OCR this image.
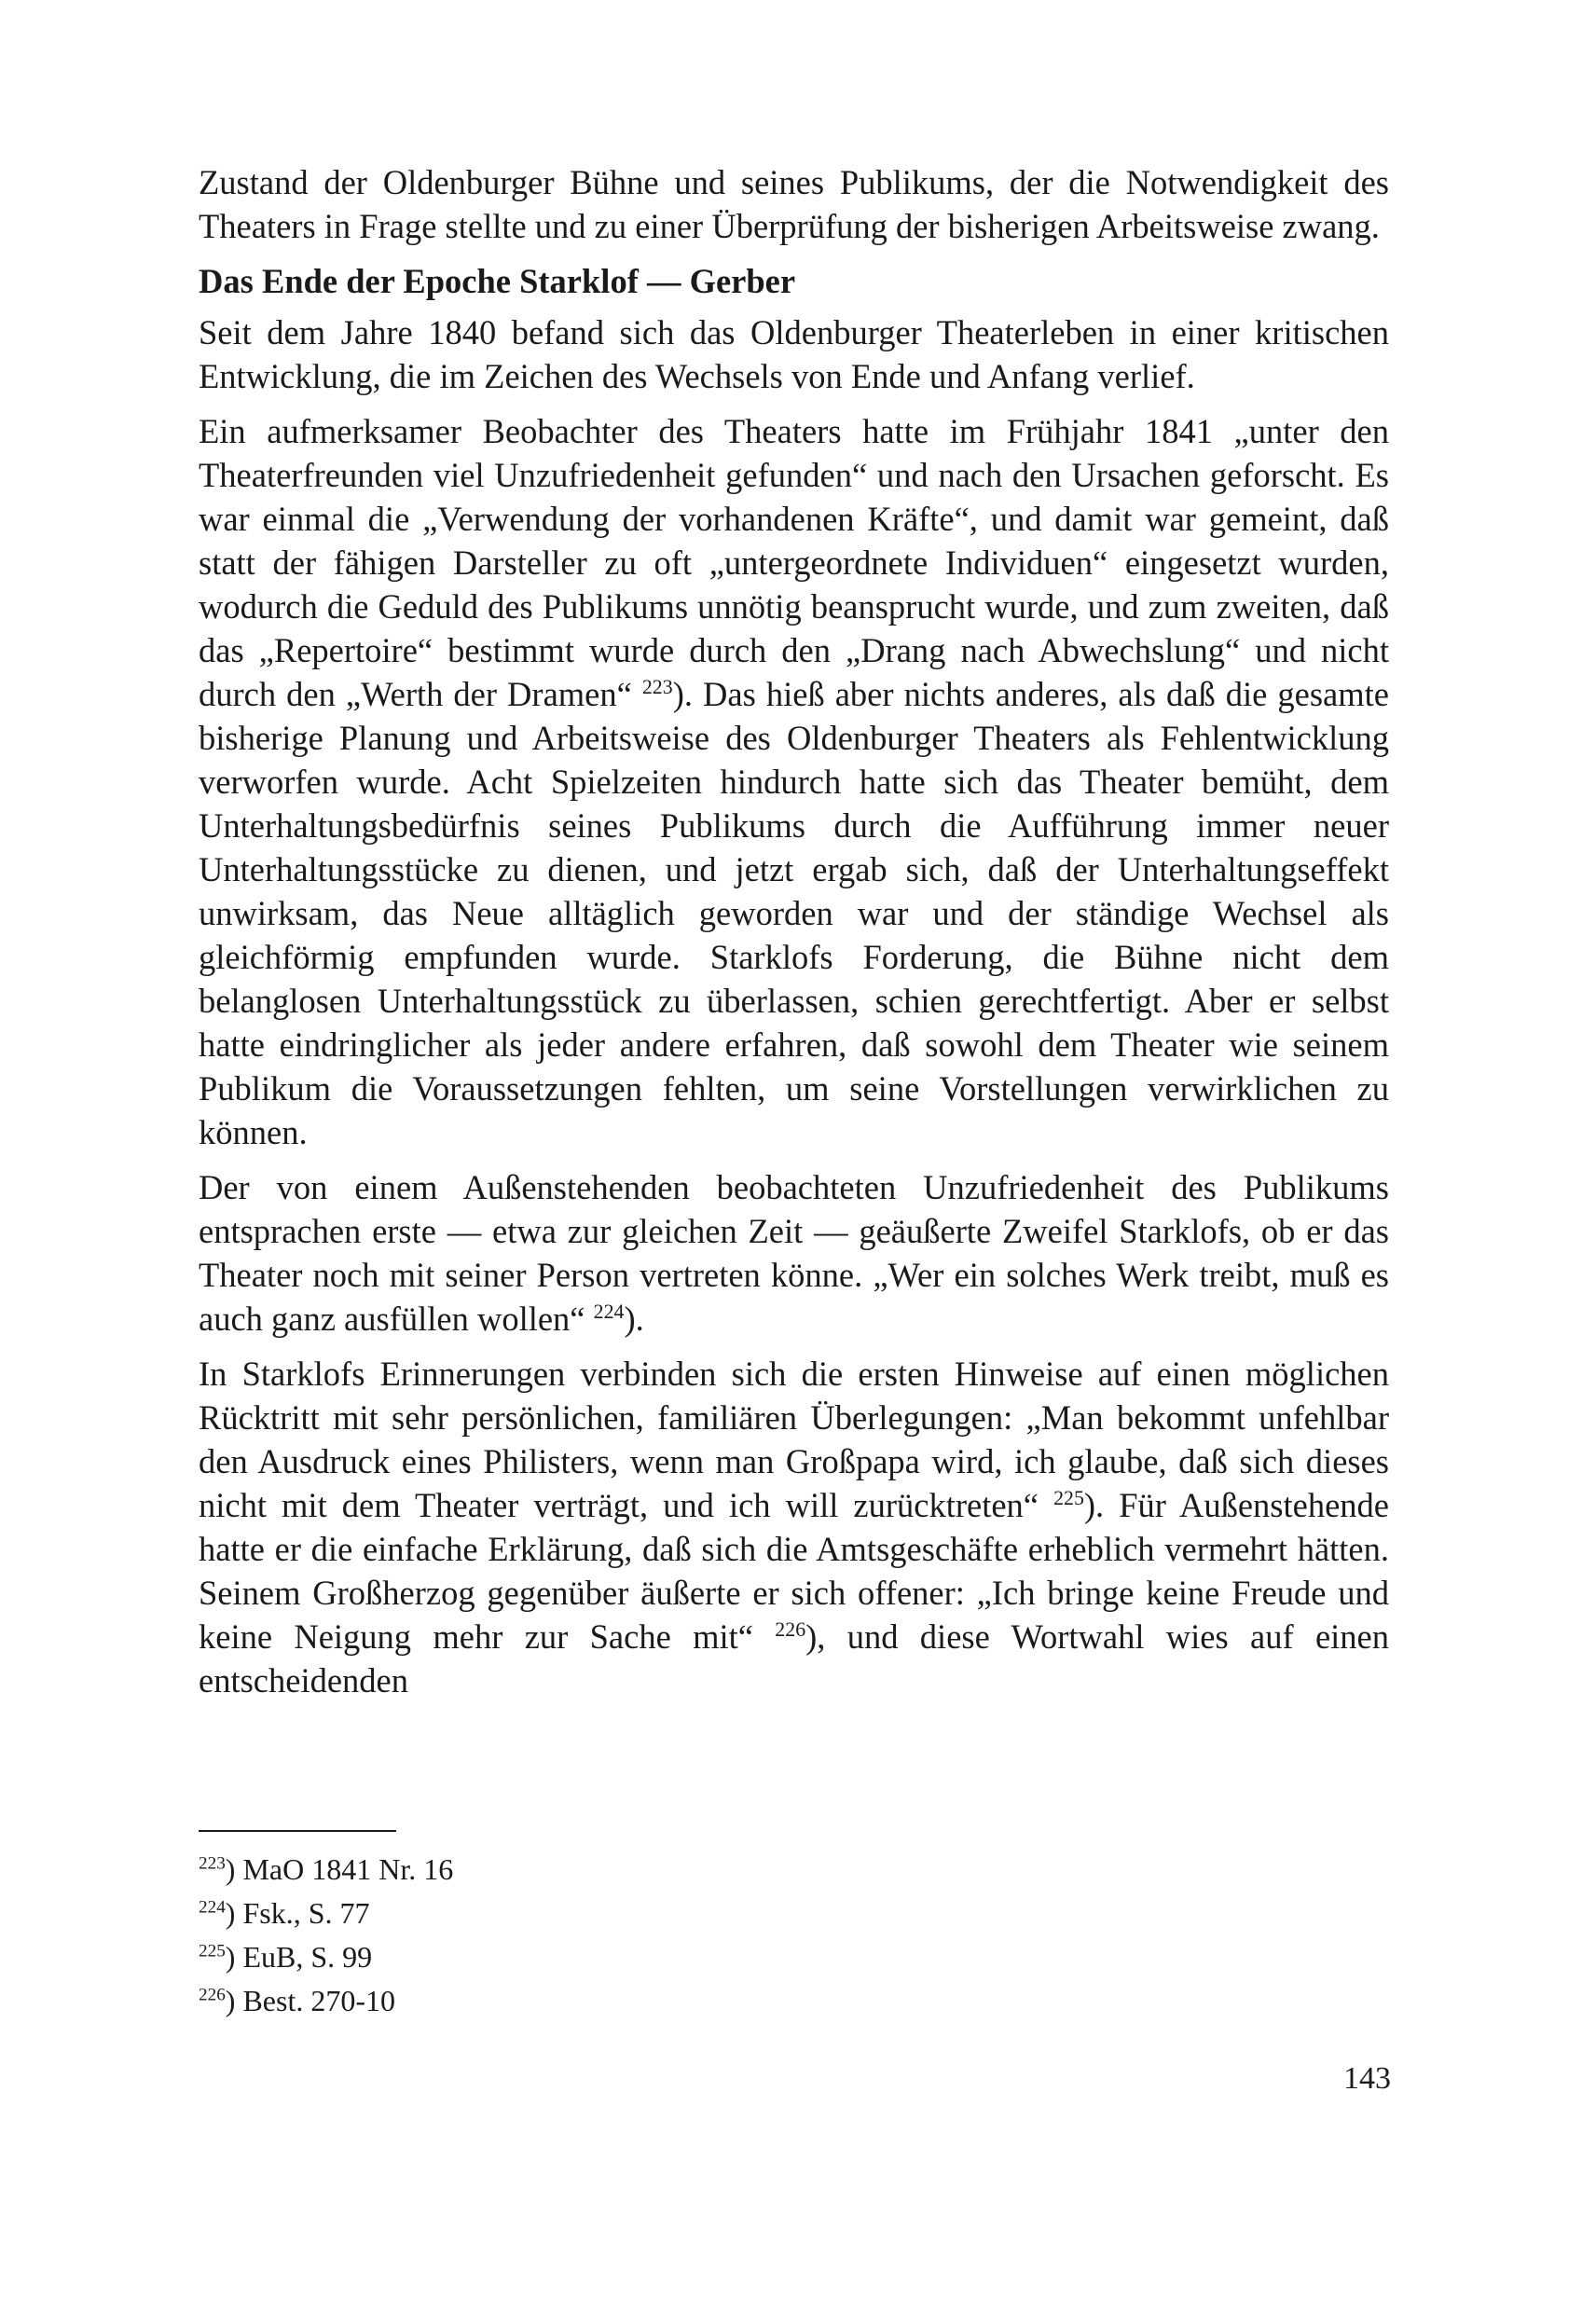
Zustand der Oldenburger Bühne und seines Publikums, der die Notwendigkeit des Theaters in Frage stellte und zu einer Überprüfung der bisherigen Arbeitsweise zwang.

Das Ende der Epoche Starklof — Gerber

Seit dem Jahre 1840 befand sich das Oldenburger Theaterleben in einer kritischen Entwicklung, die im Zeichen des Wechsels von Ende und Anfang verlief.

Ein aufmerksamer Beobachter des Theaters hatte im Frühjahr 1841 „unter den Theaterfreunden viel Unzufriedenheit gefunden“ und nach den Ursachen geforscht. Es war einmal die „Verwendung der vorhandenen Kräfte“, und damit war gemeint, daß statt der fähigen Darsteller zu oft „untergeordnete Individuen“ eingesetzt wurden, wodurch die Geduld des Publikums unnötig beansprucht wurde, und zum zweiten, daß das „Repertoire“ bestimmt wurde durch den „Drang nach Abwechslung“ und nicht durch den „Werth der Dramen“ $^{223}$). Das hieß aber nichts anderes, als daß die gesamte bisherige Planung und Arbeitsweise des Oldenburger Theaters als Fehlentwicklung verworfen wurde. Acht Spielzeiten hindurch hatte sich das Theater bemüht, dem Unterhaltungsbedürfnis seines Publikums durch die Aufführung immer neuer Unterhaltungsstücke zu dienen, und jetzt ergab sich, daß der Unterhaltungseffekt unwirksam, das Neue alltäglich geworden war und der ständige Wechsel als gleichförmig empfunden wurde. Starklofs Forderung, die Bühne nicht dem belanglosen Unterhaltungsstück zu überlassen, schien gerechtfertigt. Aber er selbst hatte eindringlicher als jeder andere erfahren, daß sowohl dem Theater wie seinem Publikum die Voraussetzungen fehlten, um seine Vorstellungen verwirklichen zu können.

Der von einem Außenstehenden beobachteten Unzufriedenheit des Publikums entsprachen erste — etwa zur gleichen Zeit — geäußerte Zweifel Starklofs, ob er das Theater noch mit seiner Person vertreten könne. „Wer ein solches Werk treibt, muß es auch ganz ausfüllen wollen“ $^{224}$).

In Starklofs Erinnerungen verbinden sich die ersten Hinweise auf einen möglichen Rücktritt mit sehr persönlichen, familiären Überlegungen: „Man bekommt unfehlbar den Ausdruck eines Philisters, wenn man Großpapa wird, ich glaube, daß sich dieses nicht mit dem Theater verträgt, und ich will zurücktreten“ $^{225}$). Für Außenstehende hatte er die einfache Erklärung, daß sich die Amtsgeschäfte erheblich vermehrt hätten. Seinem Großherzog gegenüber äußerte er sich offener: „Ich bringe keine Freude und keine Neigung mehr zur Sache mit“ $^{226}$), und diese Wortwahl wies auf einen entscheidenden

$^{223}$) MaO 1841 Nr. 16

$^{224}$) Fsk., S. 77

$^{225}$) EuB, S. 99

$^{226}$) Best. 270-10

143
